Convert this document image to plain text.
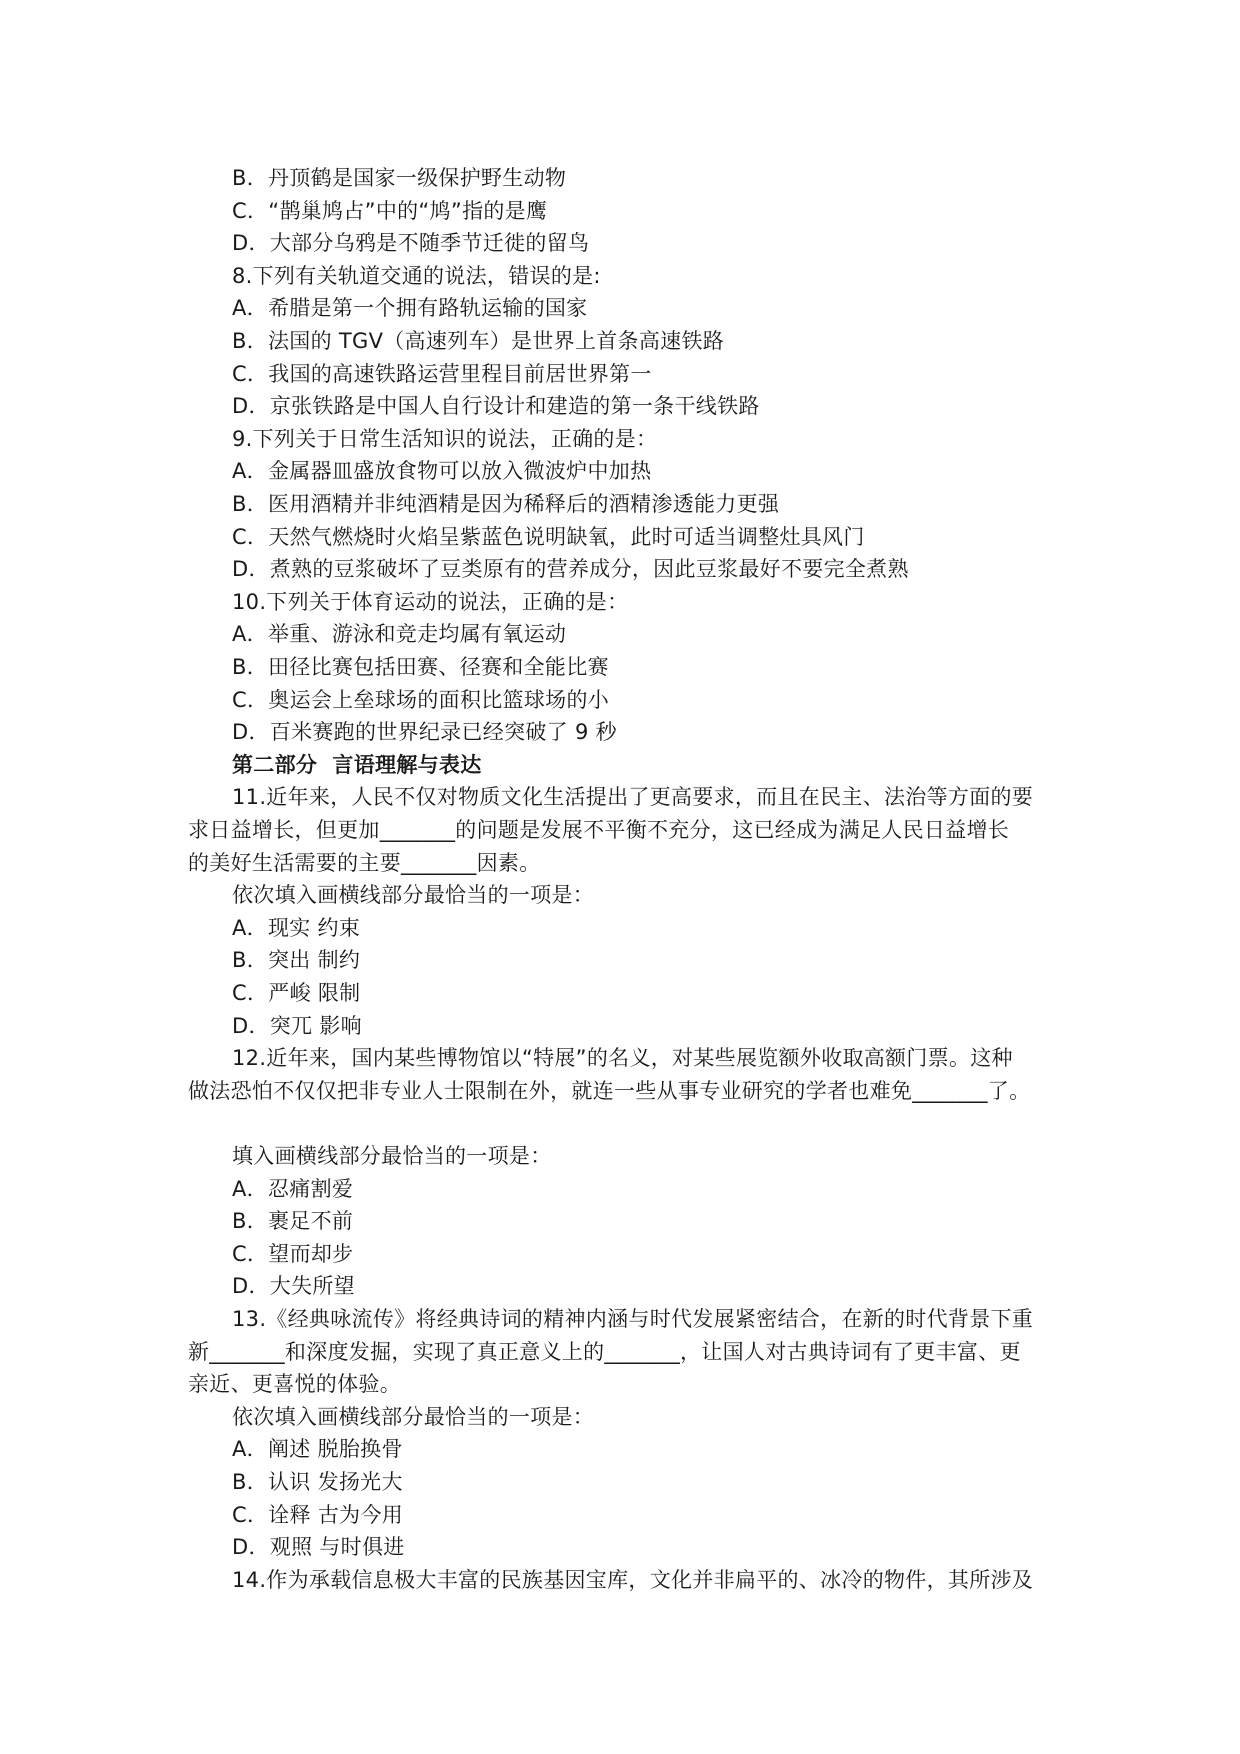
B．丹顶鹤是国家一级保护野生动物
C．“鹊巢鸠占”中的“鸠”指的是鹰
D．大部分乌鸦是不随季节迁徙的留鸟
8.下列有关轨道交通的说法，错误的是:
A．希腊是第一个拥有路轨运输的国家
B．法国的 TGV（高速列车）是世界上首条高速铁路
C．我国的高速铁路运营里程目前居世界第一
D．京张铁路是中国人自行设计和建造的第一条干线铁路
9.下列关于日常生活知识的说法，正确的是：
A．金属器皿盛放食物可以放入微波炉中加热
B．医用酒精并非纯酒精是因为稀释后的酒精渗透能力更强
C．天然气燃烧时火焰呈紫蓝色说明缺氧，此时可适当调整灶具风门
D．煮熟的豆浆破坏了豆类原有的营养成分，因此豆浆最好不要完全煮熟
10.下列关于体育运动的说法，正确的是：
A．举重、游泳和竞走均属有氧运动
B．田径比赛包括田赛、径赛和全能比赛
C．奥运会上垒球场的面积比篮球场的小
D．百米赛跑的世界纪录已经突破了 9 秒
第二部分  言语理解与表达
11.近年来，人民不仅对物质文化生活提出了更高要求，而且在民主、法治等方面的要
求日益增长，但更加_______的问题是发展不平衡不充分，这已经成为满足人民日益增长
的美好生活需要的主要_______因素。
依次填入画横线部分最恰当的一项是：
A．现实 约束
B．突出 制约
C．严峻 限制
D．突兀 影响
12.近年来，国内某些博物馆以“特展”的名义，对某些展览额外收取高额门票。这种
做法恐怕不仅仅把非专业人士限制在外，就连一些从事专业研究的学者也难免_______了。
填入画横线部分最恰当的一项是：
A．忍痛割爱
B．裹足不前
C．望而却步
D．大失所望
13.《经典咏流传》将经典诗词的精神内涵与时代发展紧密结合，在新的时代背景下重
新_______和深度发掘，实现了真正意义上的_______，让国人对古典诗词有了更丰富、更
亲近、更喜悦的体验。
依次填入画横线部分最恰当的一项是：
A．阐述 脱胎换骨
B．认识 发扬光大
C．诠释 古为今用
D．观照 与时俱进
14.作为承载信息极大丰富的民族基因宝库，文化并非扁平的、冰冷的物件，其所涉及
